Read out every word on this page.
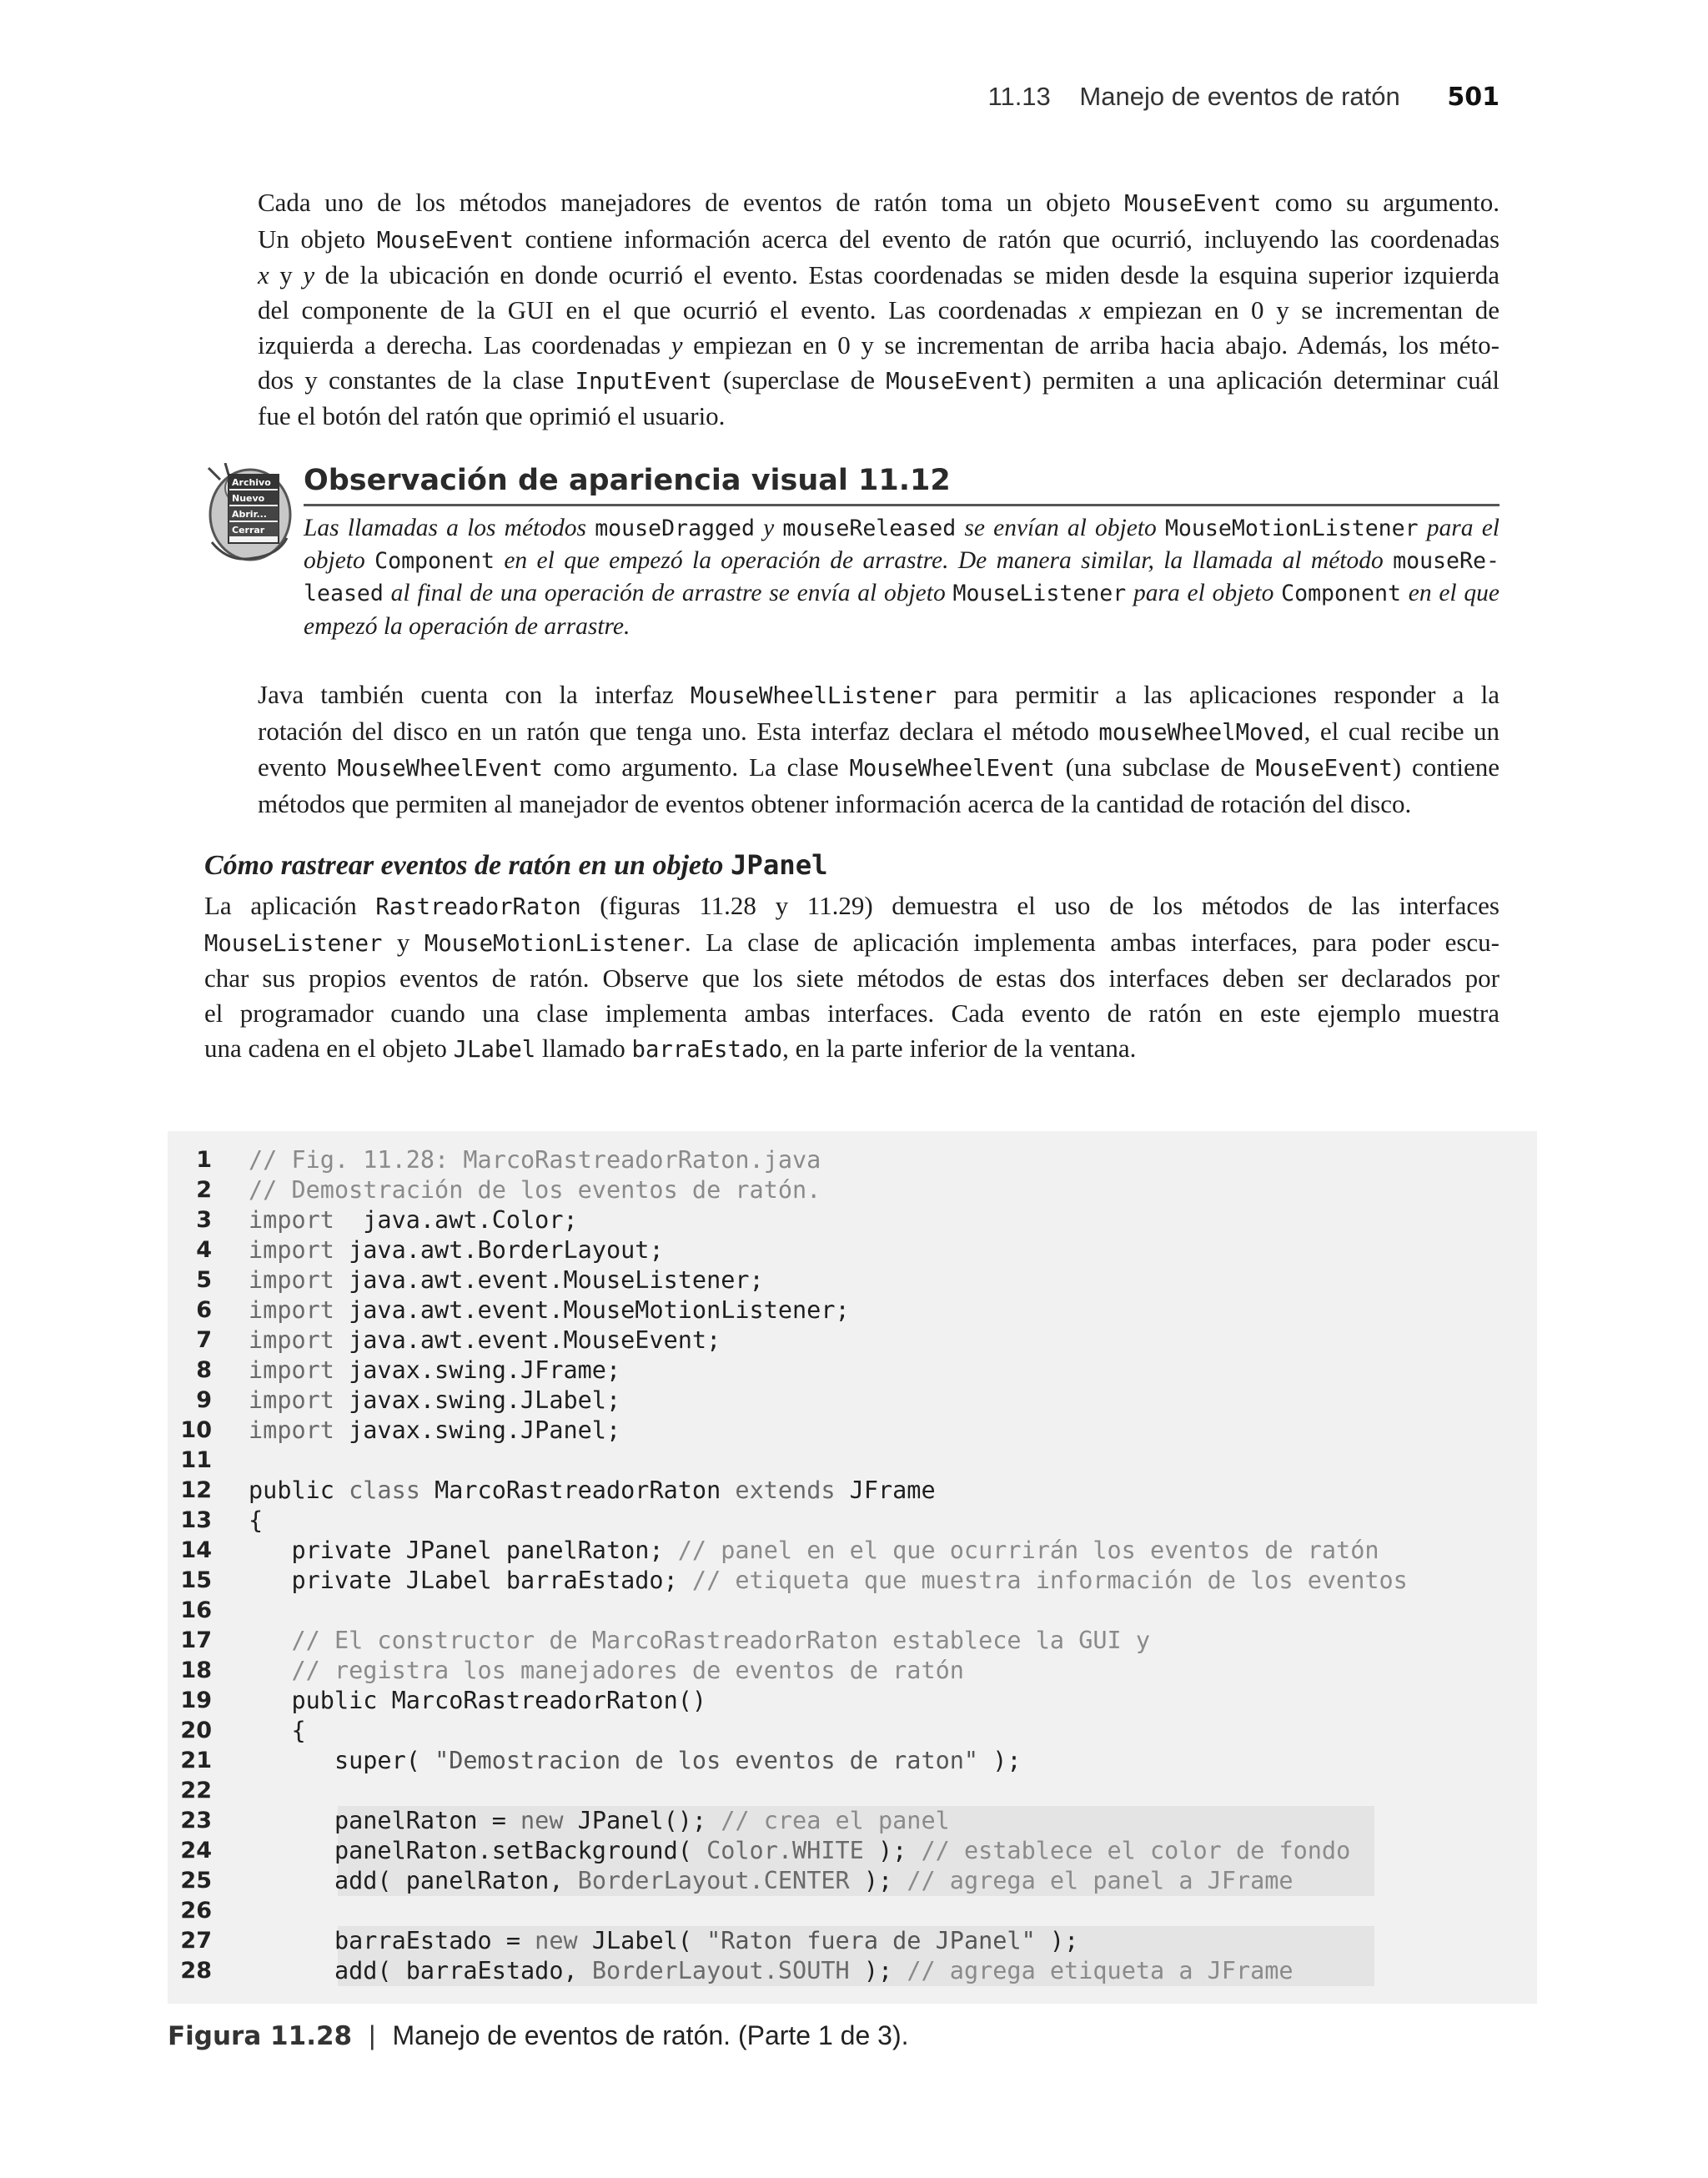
11.13 Manejo de eventos de ratón 501
Cada uno de los métodos manejadores de eventos de ratón toma un objeto MouseEvent como su argumento.
Un objeto MouseEvent contiene información acerca del evento de ratón que ocurrió, incluyendo las coordenadas
x y y de la ubicación en donde ocurrió el evento. Estas coordenadas se miden desde la esquina superior izquierda
del componente de la GUI en el que ocurrió el evento. Las coordenadas x empiezan en 0 y se incrementan de
izquierda a derecha. Las coordenadas y empiezan en 0 y se incrementan de arriba hacia abajo. Además, los méto-
dos y constantes de la clase InputEvent (superclase de MouseEvent) permiten a una aplicación determinar cuál
fue el botón del ratón que oprimió el usuario.
Archivo
Nuevo
Abrir...
Cerrar
Observación de apariencia visual 11.12
Las llamadas a los métodos mouseDragged y mouseReleased se envían al objeto MouseMotionListener para el
objeto Component en el que empezó la operación de arrastre. De manera similar, la llamada al método mouseRe-
leased al final de una operación de arrastre se envía al objeto MouseListener para el objeto Component en el que
empezó la operación de arrastre.
Java también cuenta con la interfaz MouseWheelListener para permitir a las aplicaciones responder a la
rotación del disco en un ratón que tenga uno. Esta interfaz declara el método mouseWheelMoved, el cual recibe un
evento MouseWheelEvent como argumento. La clase MouseWheelEvent (una subclase de MouseEvent) contiene
métodos que permiten al manejador de eventos obtener información acerca de la cantidad de rotación del disco.
Cómo rastrear eventos de ratón en un objeto JPanel
La aplicación RastreadorRaton (figuras 11.28 y 11.29) demuestra el uso de los métodos de las interfaces
MouseListener y MouseMotionListener. La clase de aplicación implementa ambas interfaces, para poder escu-
char sus propios eventos de ratón. Observe que los siete métodos de estas dos interfaces deben ser declarados por
el programador cuando una clase implementa ambas interfaces. Cada evento de ratón en este ejemplo muestra
una cadena en el objeto JLabel llamado barraEstado, en la parte inferior de la ventana.
1 // Fig. 11.28: MarcoRastreadorRaton.java
2 // Demostración de los eventos de ratón.
3 import  java.awt.Color;
4 import java.awt.BorderLayout;
5 import java.awt.event.MouseListener;
6 import java.awt.event.MouseMotionListener;
7 import java.awt.event.MouseEvent;
8 import javax.swing.JFrame;
9 import javax.swing.JLabel;
10 import javax.swing.JPanel;
11
12 public class MarcoRastreadorRaton extends JFrame
13 {
14 private JPanel panelRaton; // panel en el que ocurrirán los eventos de ratón
15 private JLabel barraEstado; // etiqueta que muestra información de los eventos
16
17 // El constructor de MarcoRastreadorRaton establece la GUI y
18 // registra los manejadores de eventos de ratón
19 public MarcoRastreadorRaton()
20 {
21 super( "Demostracion de los eventos de raton" );
22
23 panelRaton = new JPanel(); // crea el panel
24 panelRaton.setBackground( Color.WHITE ); // establece el color de fondo
25 add( panelRaton, BorderLayout.CENTER ); // agrega el panel a JFrame
26
27 barraEstado = new JLabel( "Raton fuera de JPanel" );
28 add( barraEstado, BorderLayout.SOUTH ); // agrega etiqueta a JFrame
Figura 11.28 | Manejo de eventos de ratón. (Parte 1 de 3).
